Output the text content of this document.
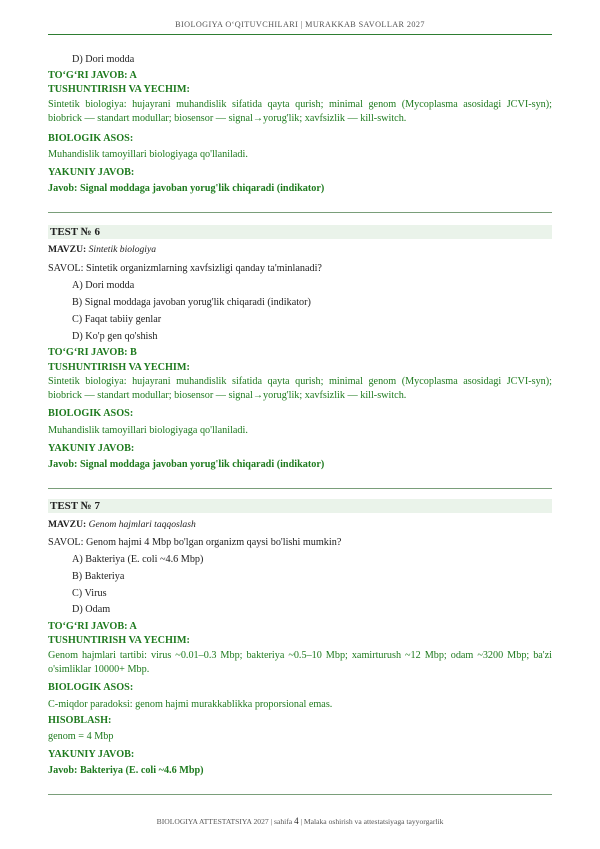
BIOLOGIYA O‘QITUVCHILARI | MURAKKAB SAVOLLAR 2027
D) Dori modda
TO‘G‘RI JAVOB: A
TUSHUNTIRISH VA YECHIM:
Sintetik biologiya: hujayrani muhandislik sifatida qayta qurish; minimal genom (Mycoplasma asosidagi JCVI-syn); biobrick — standart modullar; biosensor — signal→yorug'lik; xavfsizlik — kill-switch.
BIOLOGIK ASOS:
Muhandislik tamoyillari biologiyaga qo'llaniladi.
YAKUNIY JAVOB:
Javob: Signal moddaga javoban yorug'lik chiqaradi (indikator)
TEST № 6
MAVZU: Sintetik biologiya
SAVOL: Sintetik organizmlarning xavfsizligi qanday ta'minlanadi?
A) Dori modda
B) Signal moddaga javoban yorug'lik chiqaradi (indikator)
C) Faqat tabiiy genlar
D) Ko'p gen qo'shish
TO‘G‘RI JAVOB: B
TUSHUNTIRISH VA YECHIM:
Sintetik biologiya: hujayrani muhandislik sifatida qayta qurish; minimal genom (Mycoplasma asosidagi JCVI-syn); biobrick — standart modullar; biosensor — signal→yorug'lik; xavfsizlik — kill-switch.
BIOLOGIK ASOS:
Muhandislik tamoyillari biologiyaga qo'llaniladi.
YAKUNIY JAVOB:
Javob: Signal moddaga javoban yorug'lik chiqaradi (indikator)
TEST № 7
MAVZU: Genom hajmlari taqqoslash
SAVOL: Genom hajmi 4 Mbp bo'lgan organizm qaysi bo'lishi mumkin?
A) Bakteriya (E. coli ~4.6 Mbp)
B) Bakteriya
C) Virus
D) Odam
TO‘G‘RI JAVOB: A
TUSHUNTIRISH VA YECHIM:
Genom hajmlari tartibi: virus ~0.01–0.3 Mbp; bakteriya ~0.5–10 Mbp; xamirturush ~12 Mbp; odam ~3200 Mbp; ba'zi o'simliklar 10000+ Mbp.
BIOLOGIK ASOS:
C-miqdor paradoksi: genom hajmi murakkablikka proporsional emas.
HISOBLASH:
genom = 4 Mbp
YAKUNIY JAVOB:
Javob: Bakteriya (E. coli ~4.6 Mbp)
BIOLOGIYA ATTESTATSIYA 2027 | sahifa 4 | Malaka oshirish va attestatsiyaga tayyorgarlik
